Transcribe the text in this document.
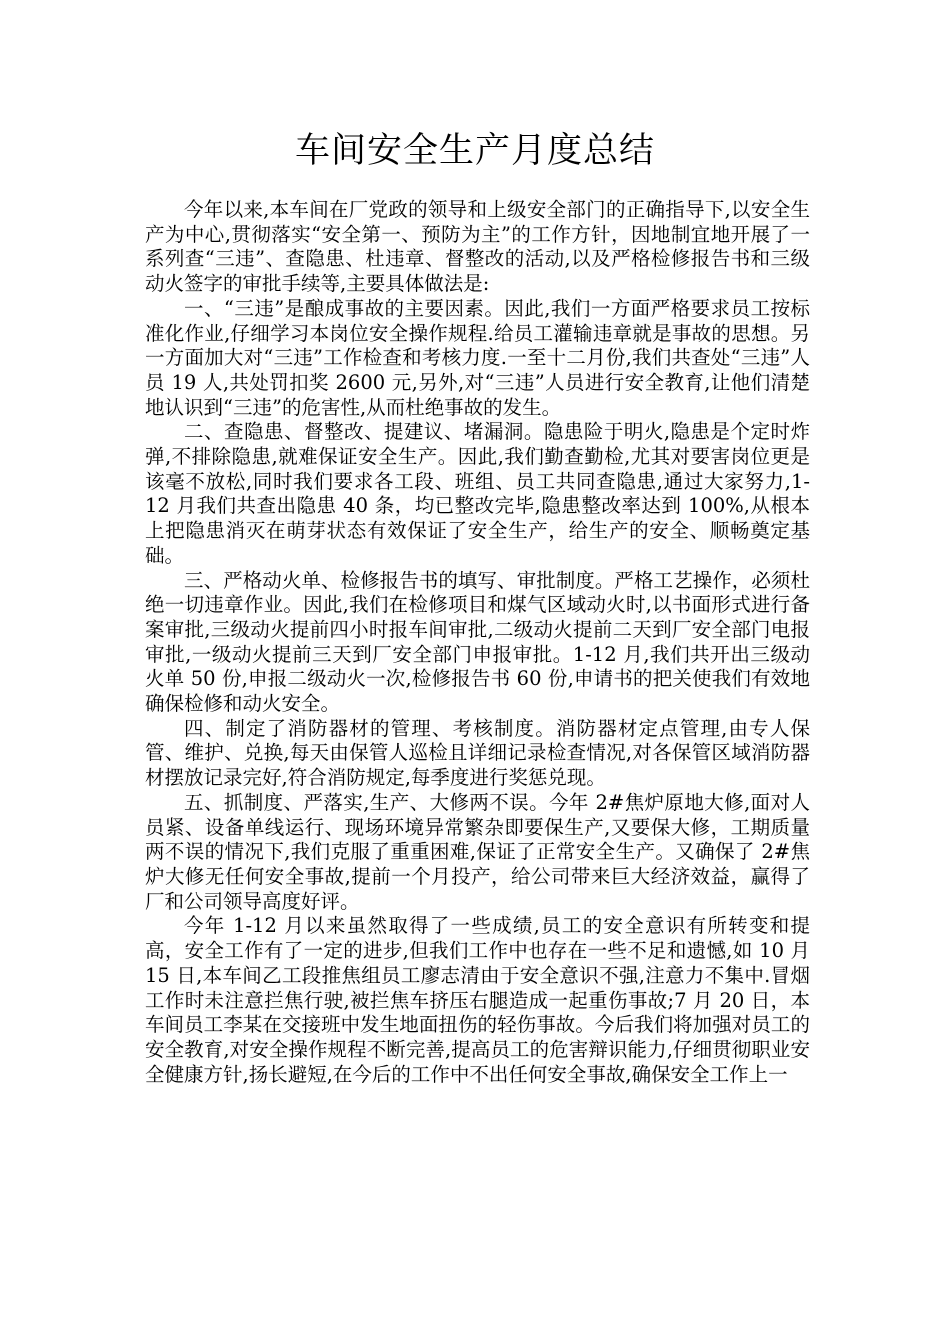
车间安全生产月度总结

今年以来,本车间在厂党政的领导和上级安全部门的正确指导下,以安全生产为中心,贯彻落实“安全第一、预防为主”的工作方针，因地制宜地开展了一系列查“三违”、查隐患、杜违章、督整改的活动,以及严格检修报告书和三级动火签字的审批手续等,主要具体做法是:

一、“三违”是酿成事故的主要因素。因此,我们一方面严格要求员工按标准化作业,仔细学习本岗位安全操作规程.给员工灌输违章就是事故的思想。另一方面加大对“三违”工作检查和考核力度.一至十二月份,我们共查处“三违”人员 19 人,共处罚扣奖 2600 元,另外,对“三违”人员进行安全教育,让他们清楚地认识到“三违”的危害性,从而杜绝事故的发生。

二、查隐患、督整改、提建议、堵漏洞。隐患险于明火,隐患是个定时炸弹,不排除隐患,就难保证安全生产。因此,我们勤查勤检,尤其对要害岗位更是该毫不放松,同时我们要求各工段、班组、员工共同查隐患,通过大家努力,1-12 月我们共查出隐患 40 条，均已整改完毕,隐患整改率达到 100%,从根本上把隐患消灭在萌芽状态有效保证了安全生产，给生产的安全、顺畅奠定基础。

三、严格动火单、检修报告书的填写、审批制度。严格工艺操作，必须杜绝一切违章作业。因此,我们在检修项目和煤气区域动火时,以书面形式进行备案审批,三级动火提前四小时报车间审批,二级动火提前二天到厂安全部门电报审批,一级动火提前三天到厂安全部门申报审批。1-12 月,我们共开出三级动火单 50 份,申报二级动火一次,检修报告书 60 份,申请书的把关使我们有效地确保检修和动火安全。

四、制定了消防器材的管理、考核制度。消防器材定点管理,由专人保管、维护、兑换,每天由保管人巡检且详细记录检查情况,对各保管区域消防器材摆放记录完好,符合消防规定,每季度进行奖惩兑现。

五、抓制度、严落实,生产、大修两不误。今年 2#焦炉原地大修,面对人员紧、设备单线运行、现场环境异常繁杂即要保生产,又要保大修，工期质量两不误的情况下,我们克服了重重困难,保证了正常安全生产。又确保了 2#焦炉大修无任何安全事故,提前一个月投产，给公司带来巨大经济效益，赢得了厂和公司领导高度好评。

今年 1-12 月以来虽然取得了一些成绩,员工的安全意识有所转变和提高，安全工作有了一定的进步,但我们工作中也存在一些不足和遗憾,如 10 月 15 日,本车间乙工段推焦组员工廖志清由于安全意识不强,注意力不集中.冒烟工作时未注意拦焦行驶,被拦焦车挤压右腿造成一起重伤事故;7 月 20 日，本车间员工李某在交接班中发生地面扭伤的轻伤事故。今后我们将加强对员工的安全教育,对安全操作规程不断完善,提高员工的危害辩识能力,仔细贯彻职业安全健康方针,扬长避短,在今后的工作中不出任何安全事故,确保安全工作上一
